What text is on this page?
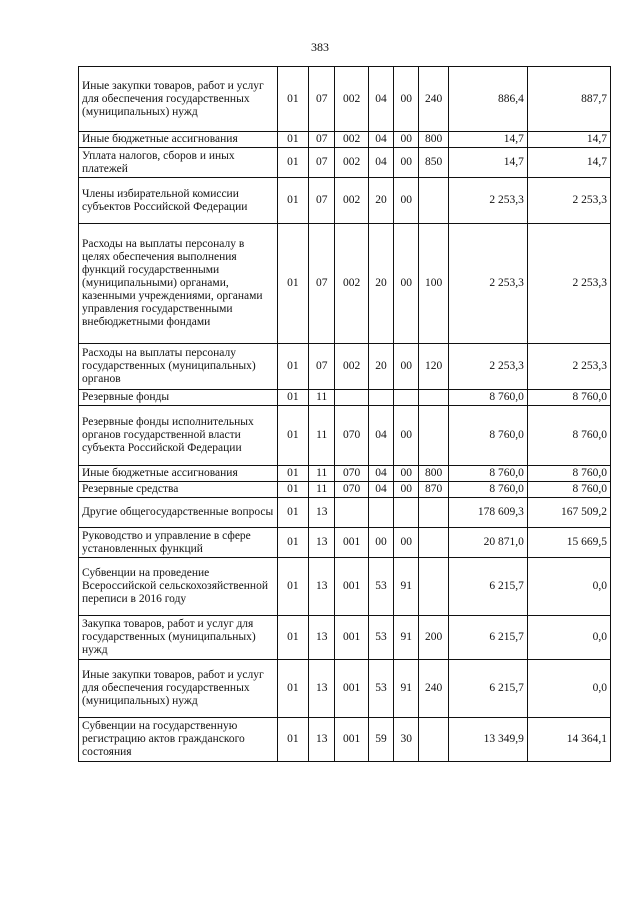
383
Иные закупки товаров, работ и услуг для обеспечения государственных (муниципальных) нужд	01	07	002	04	00	240	886,4	887,7
Иные бюджетные ассигнования	01	07	002	04	00	800	14,7	14,7
Уплата налогов, сборов и иных платежей	01	07	002	04	00	850	14,7	14,7
Члены избирательной комиссии субъектов Российской Федерации	01	07	002	20	00		2 253,3	2 253,3
Расходы на выплаты персоналу в целях обеспечения выполнения функций государственными (муниципальными) органами, казенными учреждениями, органами управления государственными внебюджетными фондами	01	07	002	20	00	100	2 253,3	2 253,3
Расходы на выплаты персоналу государственных (муниципальных) органов	01	07	002	20	00	120	2 253,3	2 253,3
Резервные фонды	01	11					8 760,0	8 760,0
Резервные фонды исполнительных органов государственной власти субъекта Российской Федерации	01	11	070	04	00		8 760,0	8 760,0
Иные бюджетные ассигнования	01	11	070	04	00	800	8 760,0	8 760,0
Резервные средства	01	11	070	04	00	870	8 760,0	8 760,0
Другие общегосударственные вопросы	01	13					178 609,3	167 509,2
Руководство и управление в сфере установленных функций	01	13	001	00	00		20 871,0	15 669,5
Субвенции на проведение Всероссийской сельскохозяйственной переписи в 2016 году	01	13	001	53	91		6 215,7	0,0
Закупка товаров, работ и услуг для государственных (муниципальных) нужд	01	13	001	53	91	200	6 215,7	0,0
Иные закупки товаров, работ и услуг для обеспечения государственных (муниципальных) нужд	01	13	001	53	91	240	6 215,7	0,0
Субвенции на государственную регистрацию актов гражданского состояния	01	13	001	59	30		13 349,9	14 364,1
